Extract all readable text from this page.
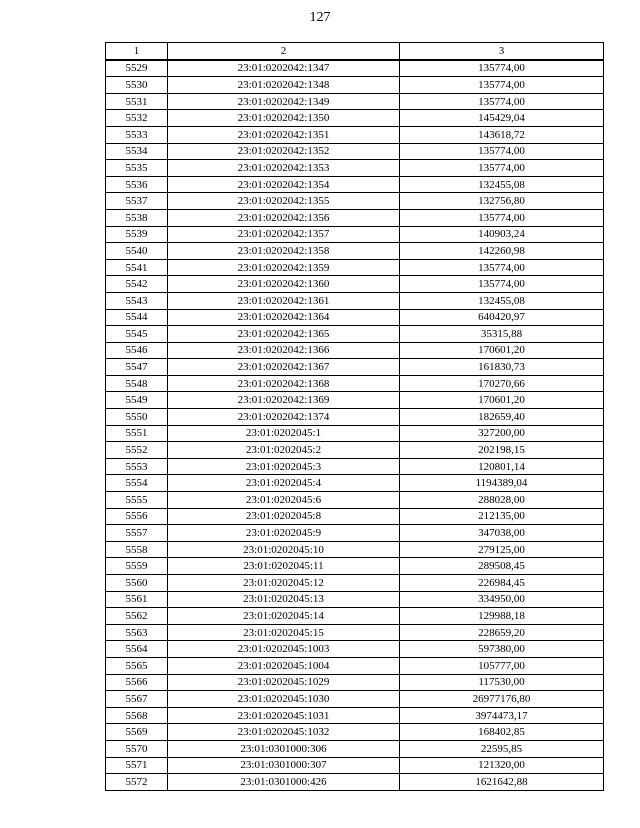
127
1	2	3
5529	23:01:0202042:1347	135774,00
5530	23:01:0202042:1348	135774,00
5531	23:01:0202042:1349	135774,00
5532	23:01:0202042:1350	145429,04
5533	23:01:0202042:1351	143618,72
5534	23:01:0202042:1352	135774,00
5535	23:01:0202042:1353	135774,00
5536	23:01:0202042:1354	132455,08
5537	23:01:0202042:1355	132756,80
5538	23:01:0202042:1356	135774,00
5539	23:01:0202042:1357	140903,24
5540	23:01:0202042:1358	142260,98
5541	23:01:0202042:1359	135774,00
5542	23:01:0202042:1360	135774,00
5543	23:01:0202042:1361	132455,08
5544	23:01:0202042:1364	640420,97
5545	23:01:0202042:1365	35315,88
5546	23:01:0202042:1366	170601,20
5547	23:01:0202042:1367	161830,73
5548	23:01:0202042:1368	170270,66
5549	23:01:0202042:1369	170601,20
5550	23:01:0202042:1374	182659,40
5551	23:01:0202045:1	327200,00
5552	23:01:0202045:2	202198,15
5553	23:01:0202045:3	120801,14
5554	23:01:0202045:4	1194389,04
5555	23:01:0202045:6	288028,00
5556	23:01:0202045:8	212135,00
5557	23:01:0202045:9	347038,00
5558	23:01:0202045:10	279125,00
5559	23:01:0202045:11	289508,45
5560	23:01:0202045:12	226984,45
5561	23:01:0202045:13	334950,00
5562	23:01:0202045:14	129988,18
5563	23:01:0202045:15	228659,20
5564	23:01:0202045:1003	597380,00
5565	23:01:0202045:1004	105777,00
5566	23:01:0202045:1029	117530,00
5567	23:01:0202045:1030	26977176,80
5568	23:01:0202045:1031	3974473,17
5569	23:01:0202045:1032	168402,85
5570	23:01:0301000:306	22595,85
5571	23:01:0301000:307	121320,00
5572	23:01:0301000:426	1621642,88
